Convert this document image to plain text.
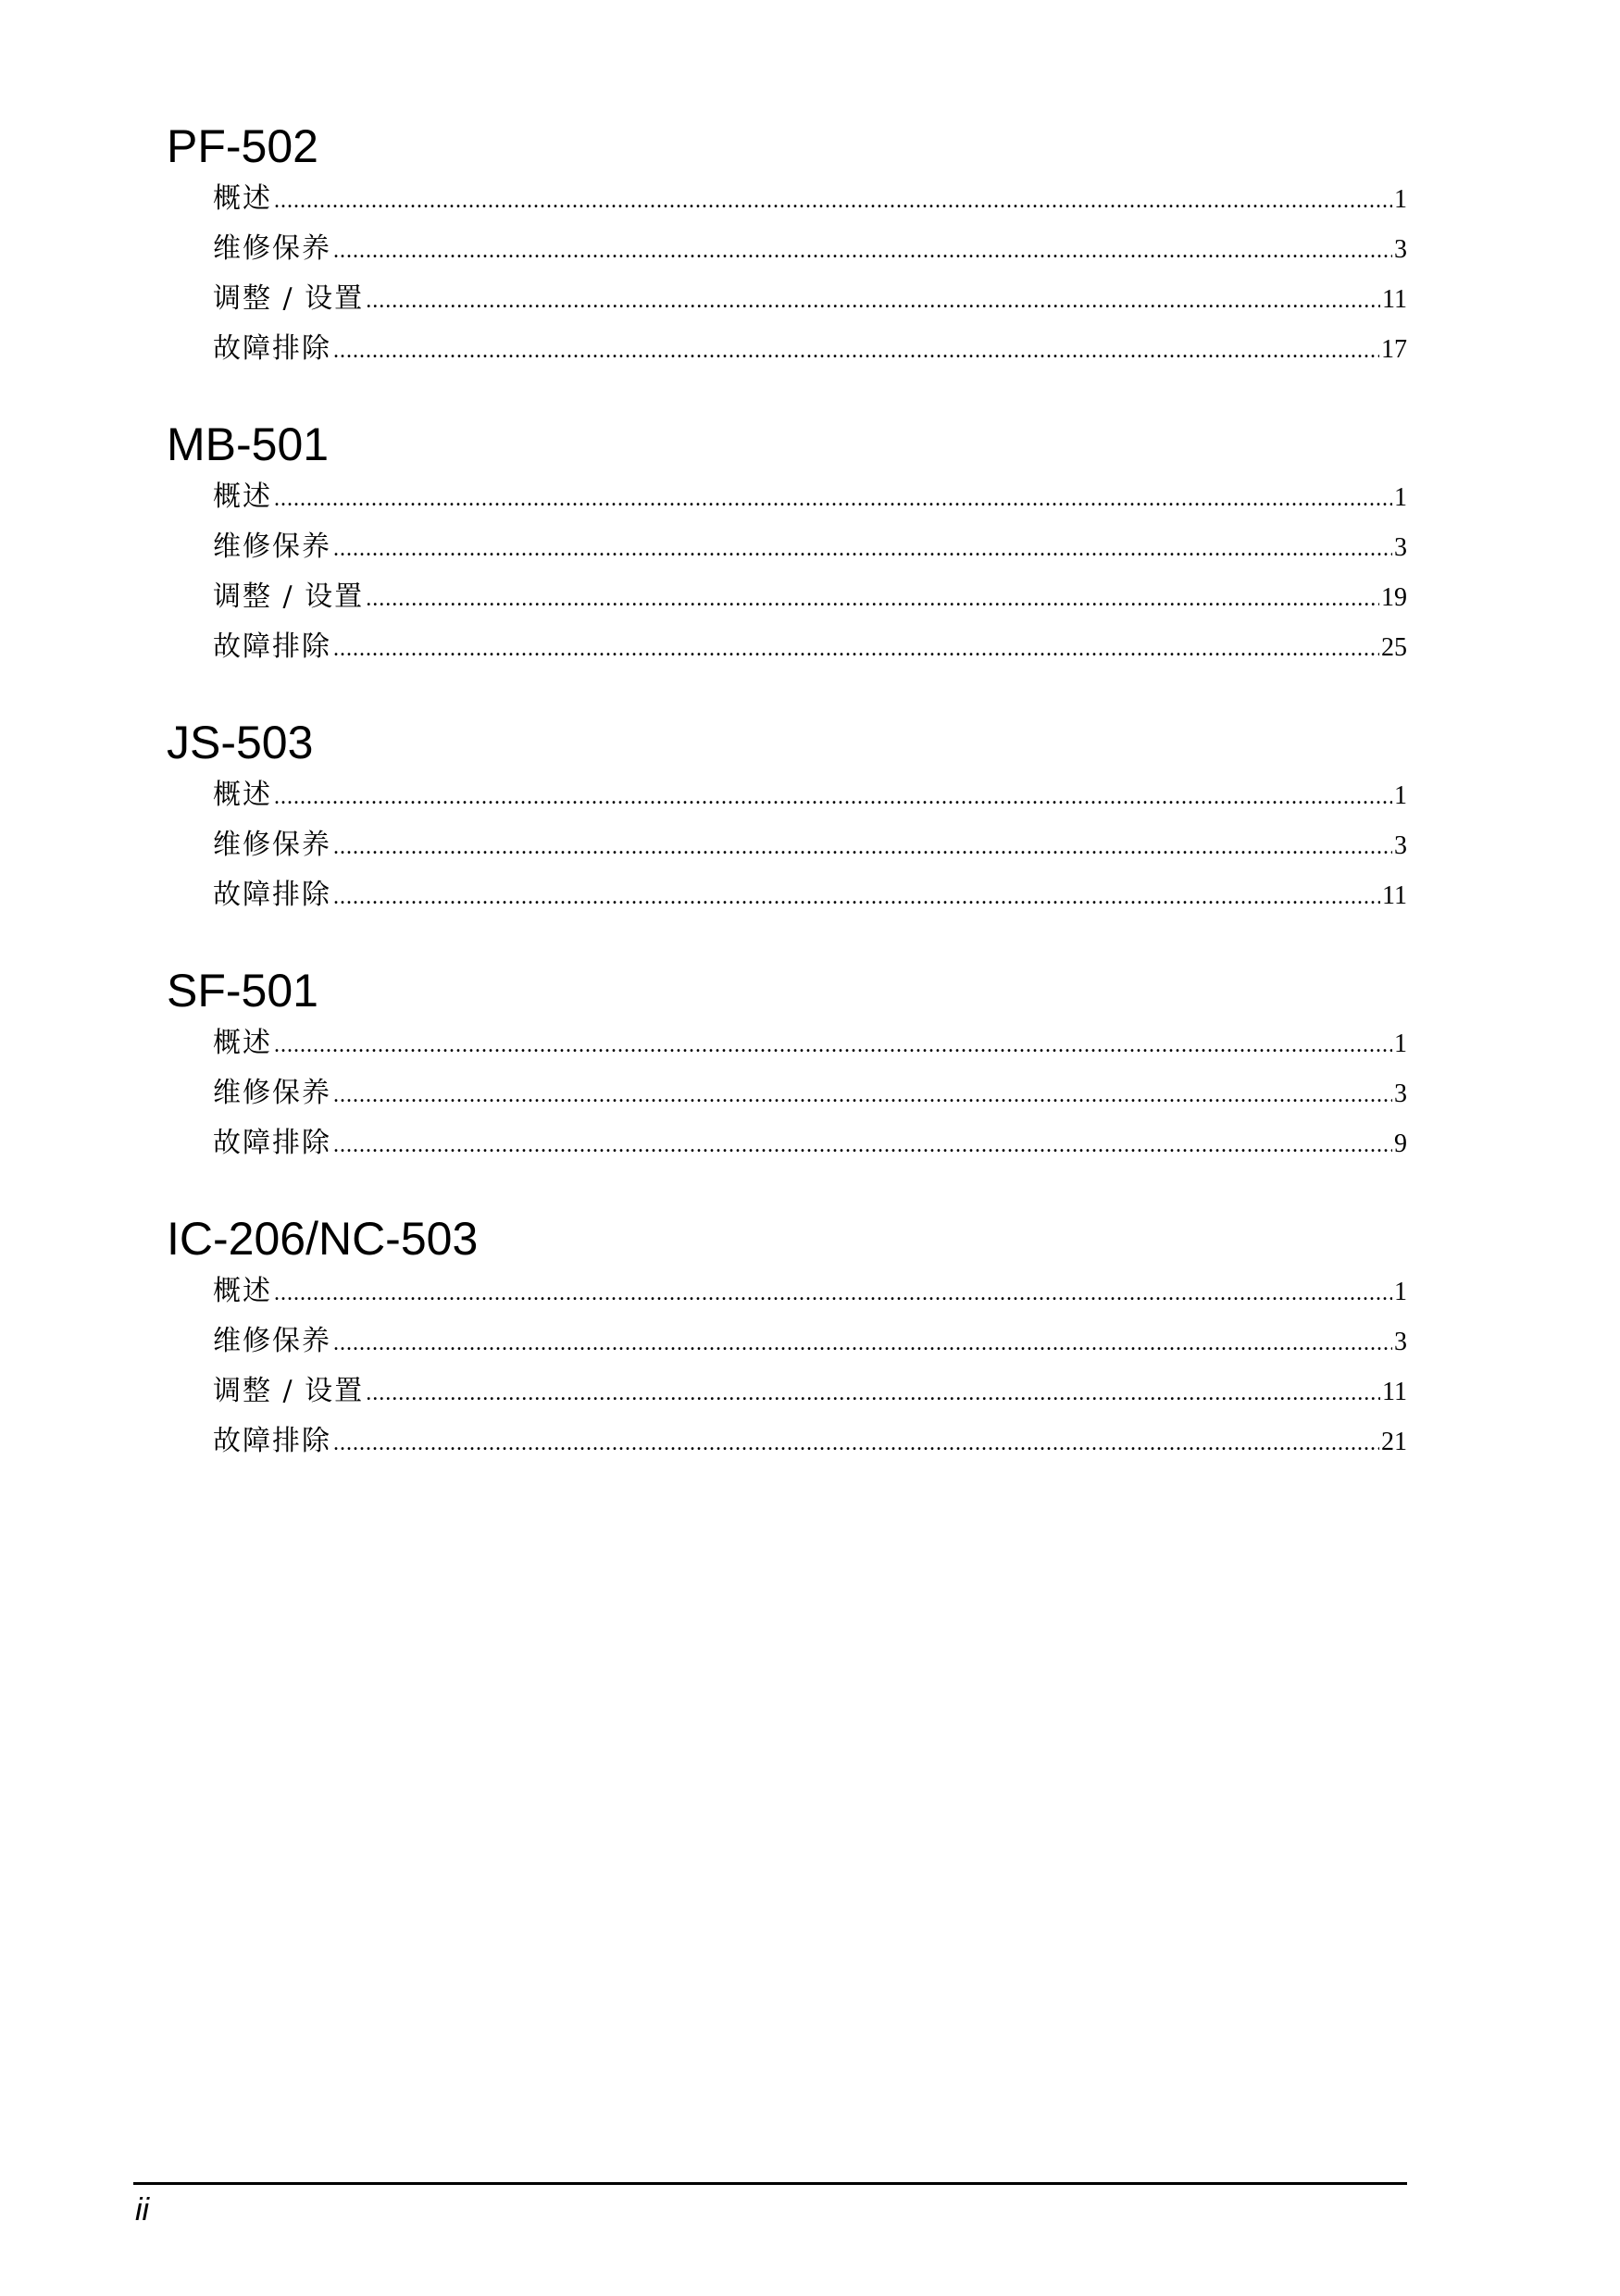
PF-502
概述 .....	1
维修保养 .....	3
调整 / 设置 .....	11
故障排除 .....	17
MB-501
概述 .....	1
维修保养 .....	3
调整 / 设置 .....	19
故障排除 .....	25
JS-503
概述 .....	1
维修保养 .....	3
故障排除 .....	11
SF-501
概述 .....	1
维修保养 .....	3
故障排除 .....	9
IC-206/NC-503
概述 .....	1
维修保养 .....	3
调整 / 设置 .....	11
故障排除 .....	21
ii
